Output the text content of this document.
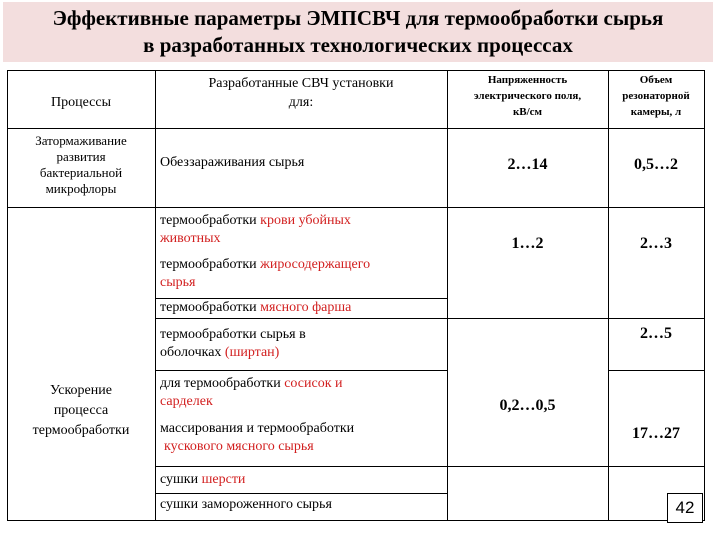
Эффективные параметры ЭМПСВЧ для термообработки сырья
в разработанных технологических процессах
Процессы
Разработанные СВЧ установки
для:
Напряженность
электрического поля,
кВ/см
Объем
резонаторной
камеры, л
Затормаживание
развития
бактериальной
микрофлоры
Ускорение
процесса
термообработки
Обеззараживания сырья
термообработки крови убойных
животных
термообработки жиросодержащего
сырья
термообработки мясного фарша
термообработки сырья в
оболочках (ширтан)
для термообработки сосисок и
сарделек
массирования и термообработки
кускового мясного сырья
сушки шерсти
сушки замороженного сырья
2…14	0,5…2
1…2	2…3
2…5
0,2…0,5
17…27
42
